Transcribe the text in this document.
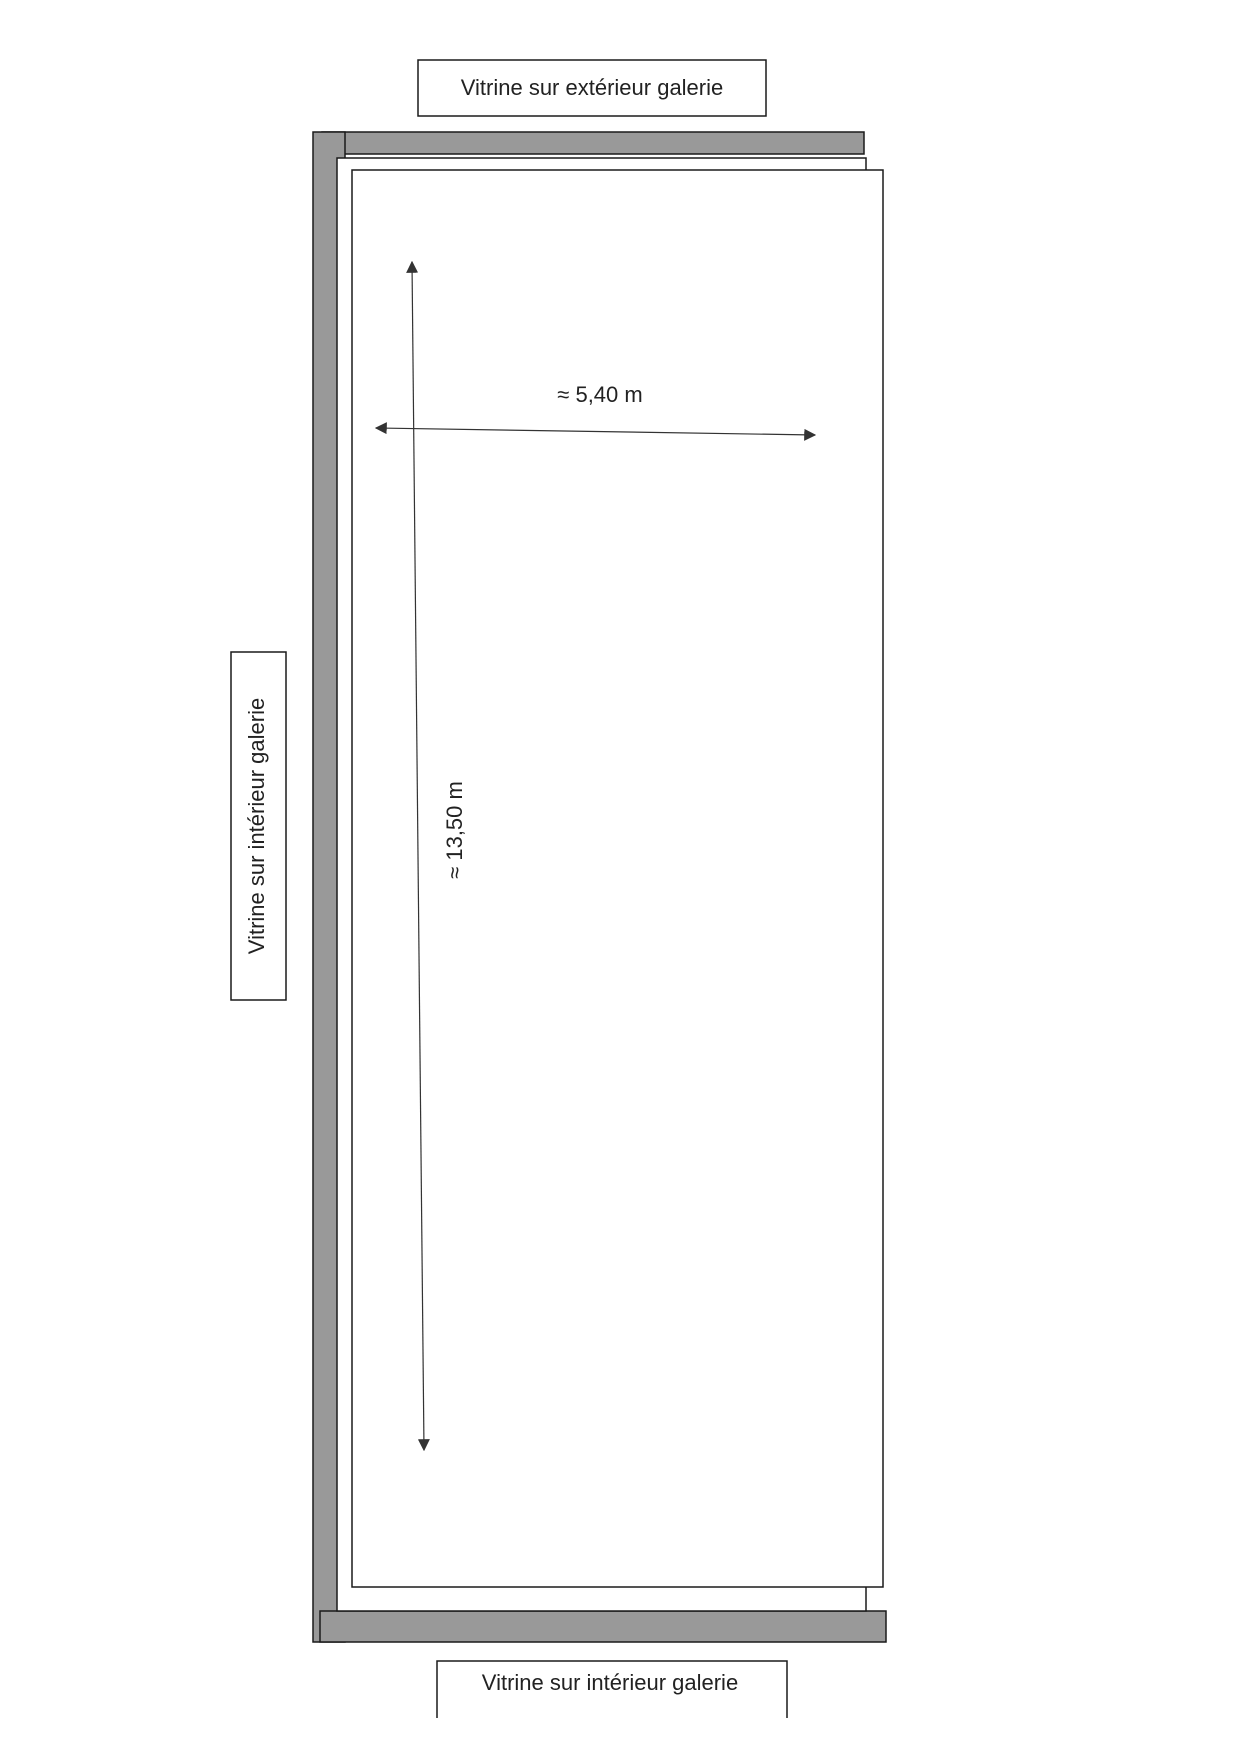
Vitrine sur extérieur galerie
Vitrine sur intérieur galerie
Vitrine sur intérieur galerie
≈ 5,40 m
≈ 13,50 m
